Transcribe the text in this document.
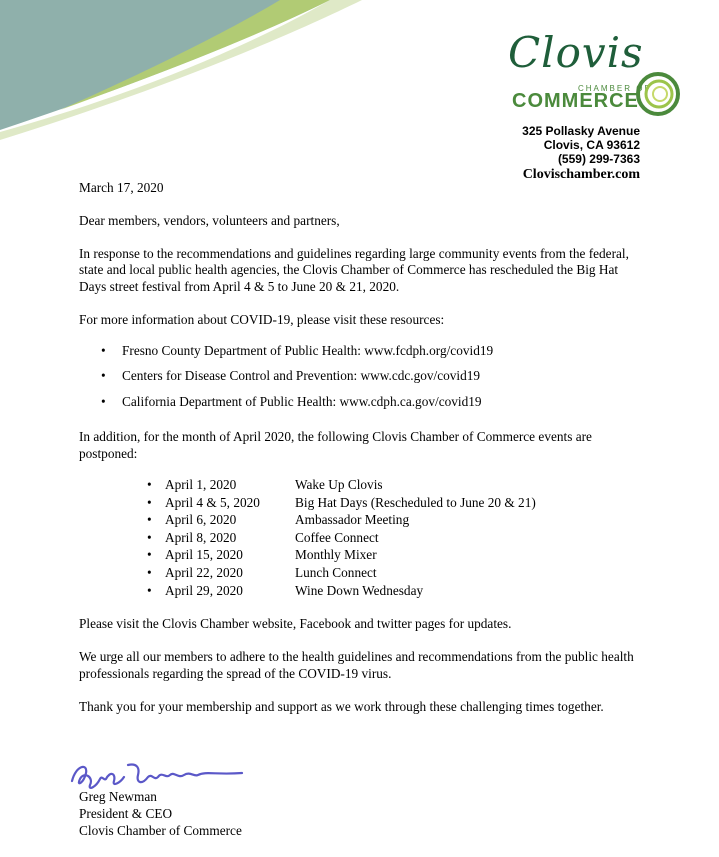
Clovis
CHAMBER OF
COMMERCE
325 Pollasky Avenue
Clovis, CA 93612
(559) 299-7363
Clovischamber.com

March 17, 2020

Dear members, vendors, volunteers and partners,

In response to the recommendations and guidelines regarding large community events from the federal, state and local public health agencies, the Clovis Chamber of Commerce has rescheduled the Big Hat Days street festival from April 4 & 5 to June 20 & 21, 2020.

For more information about COVID-19, please visit these resources:

• Fresno County Department of Public Health: www.fcdph.org/covid19
• Centers for Disease Control and Prevention: www.cdc.gov/covid19
• California Department of Public Health: www.cdph.ca.gov/covid19

In addition, for the month of April 2020, the following Clovis Chamber of Commerce events are postponed:

• April 1, 2020	Wake Up Clovis
• April 4 & 5, 2020	Big Hat Days (Rescheduled to June 20 & 21)
• April 6, 2020	Ambassador Meeting
• April 8, 2020	Coffee Connect
• April 15, 2020	Monthly Mixer
• April 22, 2020	Lunch Connect
• April 29, 2020	Wine Down Wednesday

Please visit the Clovis Chamber website, Facebook and twitter pages for updates.

We urge all our members to adhere to the health guidelines and recommendations from the public health professionals regarding the spread of the COVID-19 virus.

Thank you for your membership and support as we work through these challenging times together.

Greg Newman
President & CEO
Clovis Chamber of Commerce
